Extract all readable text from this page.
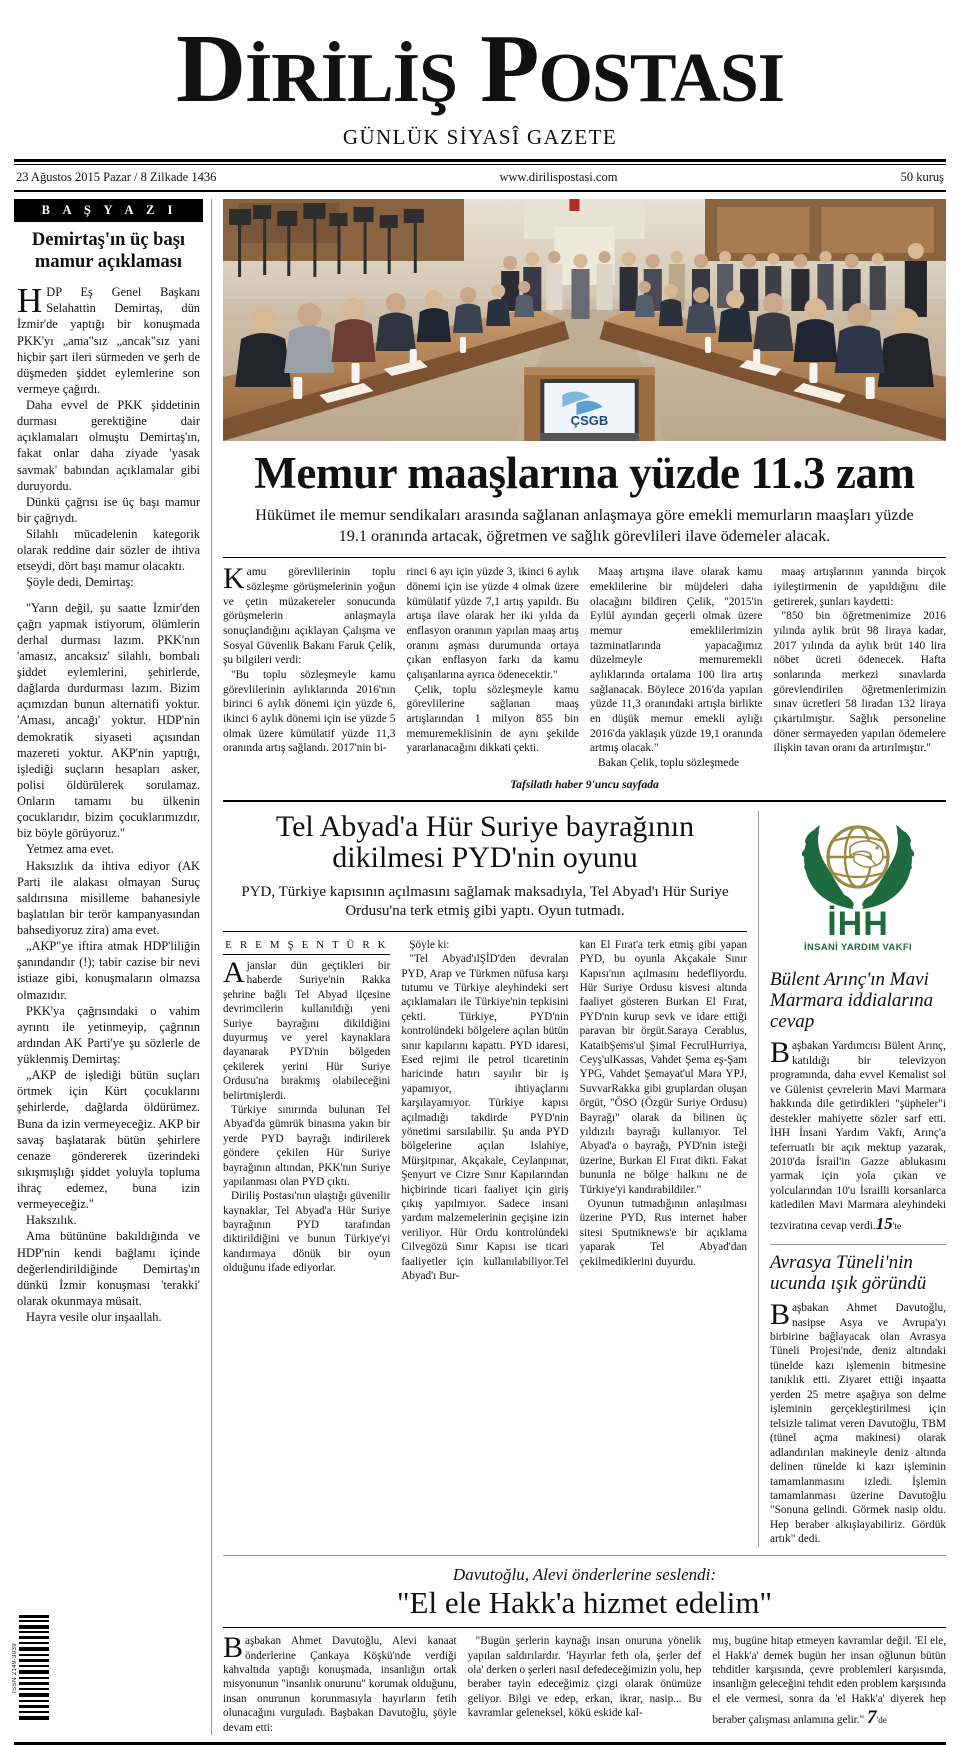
DİRİLİŞ POSTASI
GÜNLÜK SİYASÎ GAZETE
23 Ağustos 2015 Pazar / 8 Zilkade 1436	www.dirilispostasi.com	50 kuruş
B A Ş Y A Z I
Demirtaş'ın üç başı mamur açıklaması

HDP Eş Genel Başkanı Selahattin Demirtaş, dün İzmir'de yaptığı bir konuşmada PKK'yı „ama"sız „ancak"sız yani hiçbir şart ileri sürmeden ve şerh de düşmeden şiddet eylemlerine son vermeye çağırdı.

Daha evvel de PKK şiddetinin durması gerektiğine dair açıklamaları olmuştu Demirtaş'ın, fakat onlar daha ziyade 'yasak savmak' babından açıklamalar gibi duruyordu.

Dünkü çağrısı ise üç başı mamur bir çağrıydı.

Silahlı mücadelenin kategorik olarak reddine dair sözler de ihtiva etseydi, dört başı mamur olacaktı.

Şöyle dedi, Demirtaş:

"Yarın değil, şu saatte İzmir'den çağrı yapmak istiyorum, ölümlerin derhal durması lazım. PKK'nın 'amasız, ancaksız' silahlı, bombalı şiddet eylemlerini, şehirlerde, dağlarda durdurması lazım. Bizim açımızdan bunun alternatifi yoktur. 'Aması, ancağı' yoktur. HDP'nin demokratik siyaseti açısından mazereti yoktur. AKP'nin yaptığı, işlediği suçların hesapları asker, polisi öldürülerek sorulamaz. Onların tamamı bu ülkenin çocuklarıdır, bizim çocuklarımızdır, biz böyle görüyoruz."

Yetmez ama evet.

Haksızlık da ihtiva ediyor (AK Parti ile alakası olmayan Suruç saldırısına misilleme bahanesiyle başlatılan bir terör kampanyasından bahsediyoruz zira) ama evet.

„AKP"ye iftira atmak HDP'liliğin şanındandır (!); tabir cazise bir nevi istiaze gibi, konuşmaların olmazsa olmazıdır.

PKK'ya çağrısındaki o vahim ayrıntı ile yetinmeyip, çağrının ardından AK Parti'ye şu sözlerle de yüklenmiş Demirtaş:

„AKP de işlediği bütün suçları örtmek için Kürt çocuklarını şehirlerde, dağlarda öldürümez. Buna da izin vermeyeceğiz. AKP bir savaş başlatarak bütün şehirlere cenaze göndererek üzerindeki sıkışmışlığı şiddet yoluyla topluma ihraç edemez, buna izin vermeyeceğiz."

Hakszılık.

Ama bütününe bakıldığında ve HDP'nin kendi bağlamı içinde değerlendirildiğinde Demirtaş'ın dünkü İzmir konuşması 'terakki' olarak okunmaya müsait.

Hayra vesile olur inşaallah.

ISSN 2149-3039
ÇSGB
Memur maaşlarına yüzde 11.3 zam
Hükümet ile memur sendikaları arasında sağlanan anlaşmaya göre emekli memurların maaşları yüzde 19.1 oranında artacak, öğretmen ve sağlık görevlileri ilave ödemeler alacak.

Kamu görevlilerinin toplu sözleşme görüşmelerinin yoğun ve çetin müzakereler sonucunda görüşmelerin anlaşmayla sonuçlandığını açıklayan Çalışma ve Sosyal Güvenlik Bakanı Faruk Çelik, şu bilgileri verdi:

"Bu toplu sözleşmeyle kamu görevlilerinin aylıklarında 2016'nın birinci 6 aylık dönemi için yüzde 6, ikinci 6 aylık dönemi için ise yüzde 5 olmak üzere kümülatif yüzde 11,3 oranında artış sağlandı. 2017'nin bi-

rinci 6 ayı için yüzde 3, ikinci 6 aylık dönemi için ise yüzde 4 olmak üzere kümülatif yüzde 7,1 artış yapıldı. Bu artışa ilave olarak her iki yılda da enflasyon oranının yapılan maaş artış oranını aşması durumunda ortaya çıkan enflasyon farkı da kamu çalışanlarına ayrıca ödenecektir."

Çelik, toplu sözleşmeyle kamu görevlilerine sağlanan maaş artışlarından 1 milyon 855 bin memuremeklisinin de aynı şekilde yararlanacağını dikkati çekti.

Maaş artışına ilave olarak kamu emeklilerine bir müjdeleri daha olacağını bildiren Çelik, "2015'in Eylül ayından geçerli olmak üzere memur emeklilerimizin tazminatlarında yapacağımız düzelmeyle memuremekli aylıklarında ortalama 100 lira artış sağlanacak. Böylece 2016'da yapılan yüzde 11,3 oranındaki artışla birlikte en düşük memur emekli aylığı 2016'da yaklaşık yüzde 19,1 oranında artmış olacak."

Bakan Çelik, toplu sözleşmede

maaş artışlarının yanında birçok iyileştirmenin de yapıldığını dile getirerek, şunları kaydetti:

"850 bin öğretmenimize 2016 yılında aylık brüt 98 liraya kadar, 2017 yılında da aylık brüt 140 lira nöbet ücreti ödenecek. Hafta sonlarında merkezi sınavlarda görevlendirilen öğretmenlerimizin sınav ücretleri 58 liradan 132 liraya çıkartılmıştır. Sağlık personeline döner sermayeden yapılan ödemelere ilişkin tavan oranı da artırılmıştır."

Tafsilatlı haber 9'uncu sayfada
Tel Abyad'a Hür Suriye bayrağının dikilmesi PYD'nin oyunu
PYD, Türkiye kapısının açılmasını sağlamak maksadıyla, Tel Abyad'ı Hür Suriye Ordusu'na terk etmiş gibi yaptı. Oyun tutmadı.
E R E M Ş E N T Ü R K

Ajanslar dün geçtikleri bir haberde Suriye'nin Rakka şehrine bağlı Tel Abyad ilçesine devrimcilerin kullanıldığı yeni Suriye bayrağını dikildiğini duyurmuş ve yerel kaynaklara dayanarak PYD'nin bölgeden çekilerek yerini Hür Suriye Ordusu'na bırakmış olabileceğini belirtmişlerdi.

Türkiye sınırında bulunan Tel Abyad'da gümrük binasına yakın bir yerde PYD bayrağı indirilerek göndere çekilen Hür Suriye bayrağının altından, PKK'nın Suriye yapılanması olan PYD çıktı.

Diriliş Postası'nın ulaştığı güvenilir kaynaklar, Tel Abyad'a Hür Suriye bayrağının PYD tarafından diktirildiğini ve bunun Türkiye'yi kandırmaya dönük bir oyun olduğunu ifade ediyorlar.

Şöyle ki:

"Tel Abyad'ılŞİD'den devralan PYD, Arap ve Türkmen nüfusa karşı tutumu ve Türkiye aleyhindeki sert açıklamaları ile Türkiye'nin tepkisini çekti. Türkiye, PYD'nin kontrolündeki bölgelere açılan bütün sınır kapılarını kapattı. PYD idaresi, Esed rejimi ile petrol ticaretinin haricinde hatırı sayılır bir iş yapamıyor, ihtiyaçlarını karşılayamıyor. Türkiye kapısı açılmadığı takdirde PYD'nin yönetimi sarsılabilir. Şu anda PYD bölgelerine açılan Islahiye, Mürşitpınar, Akçakale, Ceylanpınar, Şenyurt ve Cizre Sınır Kapılarından hiçbirinde ticari faaliyet için giriş çıkış yapılmıyor. Sadece insani yardım malzemelerinin geçişine izin veriliyor. Hür Ordu kontrolündeki Cilvegözü Sınır Kapısı ise ticari faaliyetler için kullanılabiliyor.Tel Abyad'ı Bur-

kan El Fırat'a terk etmiş gibi yapan PYD, bu oyunla Akçakale Sınır Kapısı'nın açılmasını hedefliyordu. Hür Suriye Ordusu kisvesi altında faaliyet gösteren Burkan El Fırat, PYD'nin kurup sevk ve idare ettiği paravan bir örgüt.Saraya Cerablus, KataibŞems'ul Şimal FecrulHurriya, Ceyş'ulKassas, Vahdet Şema eş-Şam YPG, Vahdet Şemayat'ul Mara YPJ, SuvvarRakka gibi gruplardan oluşan örgüt, "ÖSO (Özgür Suriye Ordusu) Bayrağı" olarak da bilinen üç yıldızılı bayrağı kullanıyor. Tel Abyad'a o bayrağı, PYD'nin isteği üzerine, Burkan El Fırat dikti. Fakat bununla ne bölge halkını ne de Türkiye'yi kandırabildiler."

Oyunun tutmadığının anlaşılması üzerine PYD, Rus internet haber sitesi Sputniknews'e bir açıklama yaparak Tel Abyad'dan çekilmediklerini duyurdu.

İHH
İNSANİ YARDIM VAKFI
Bülent Arınç'ın Mavi Marmara iddialarına cevap

Başbakan Yardımcısı Bülent Arınç, katıldığı bir televizyon programında, daha evvel Kemalist sol ve Gülenist çevrelerin Mavi Marmara hakkında dile getirdikleri "şüpheler"i destekler mahiyette sözler sarf etti. İHH İnsani Yardım Vakfı, Arınç'a teferruatlı bir açık mektup yazarak, 2010'da İsrail'in Gazze ablukasını yarmak için yola çıkan ve yolcularından 10'u İsrailli korsanlarca katledilen Mavi Marmara aleyhindeki tezviratına cevap verdi.15'te

Avrasya Tüneli'nin ucunda ışık göründü

Başbakan Ahmet Davutoğlu, nasipse Asya ve Avrupa'yı birbirine bağlayacak olan Avrasya Tüneli Projesi'nde, deniz altındaki tünelde kazı işlemenin bitmesine tanıklık etti. Ziyaret ettiği inşaatta yerden 25 metre aşağıya son delme işleminin gerçekleştirilmesi için telsizle talimat veren Davutoğlu, TBM (tünel açma makinesi) olarak adlandırılan makineyle deniz altında delinen tünelde ki kazı işleminin tamamlanmasını izledi. İşlemin tamamlanması üzerine Davutoğlu "Sonuna gelindi. Görmek nasip oldu. Hep beraber alkışlayabiliriz. Gördük artık" dedi.

Davutoğlu, Alevi önderlerine seslendi:
"El ele Hakk'a hizmet edelim"

Başbakan Ahmet Davutoğlu, Alevi kanaat önderlerine Çankaya Köşkü'nde verdiği kahvaltıda yaptığı konuşmada, insanlığın ortak misyonunun "insanlık onurunu" korumak olduğunu, insan onurunun korunmasıyla hayırların fetih olunacağını vurguladı. Başbakan Davutoğlu, şöyle devam etti:

"Bugün şerlerin kaynağı insan onuruna yönelik yapılan saldırılardır. 'Hayırlar feth ola, şerler def ola' derken o şerleri nasıl defedeceğimizin yolu, hep beraber tayin edeceğimiz çizgi olarak önümüze geliyor. Bilgi ve edep, erkan, ikrar, nasip... Bu kavramlar geleneksel, kökü eskide kal-

mış, bugüne hitap etmeyen kavramlar değil. 'El ele, el Hakk'a' demek bugün her insan oğlunun bütün tehditler karşısında, çevre problemleri karşısında, insanlığın geleceğini tehdit eden problem karşısında el ele vermesi, sonra da 'el Hakk'a' diyerek hep beraber çalışması anlamına gelir." 7'de
